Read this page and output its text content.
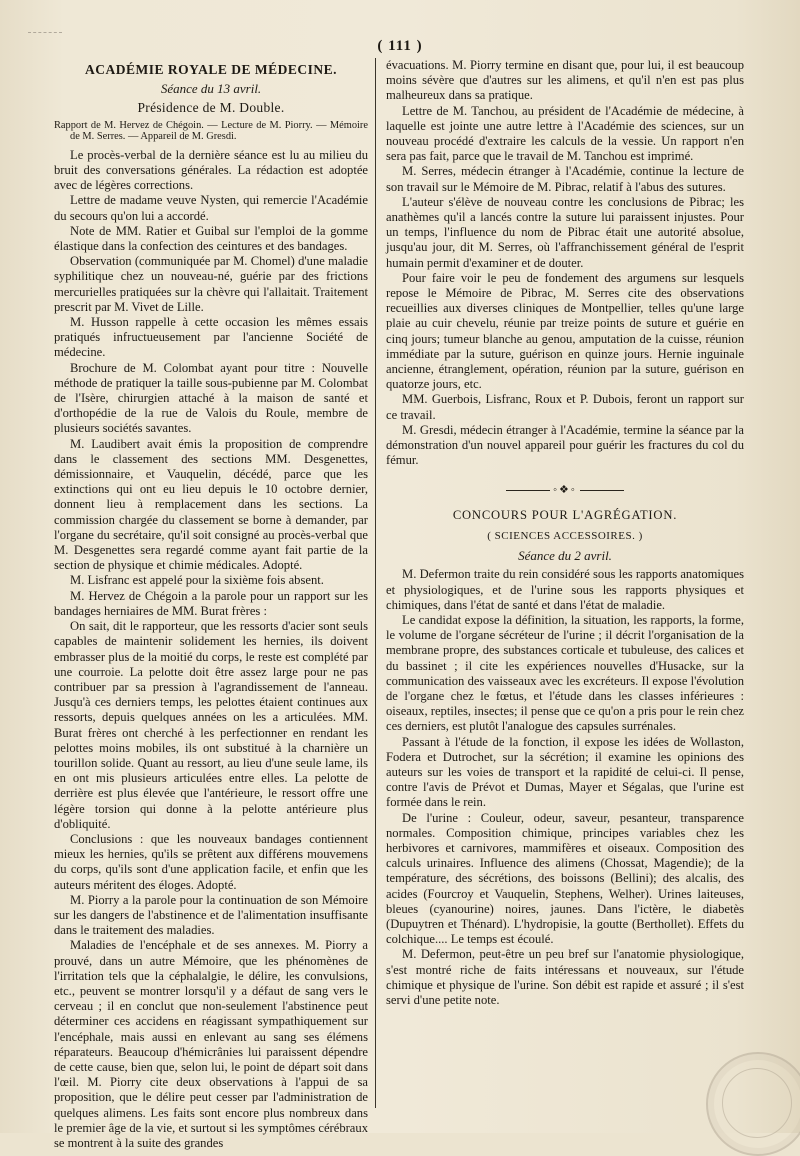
( 111 )
ACADÉMIE ROYALE DE MÉDECINE.
Séance du 13 avril.
Présidence de M. Double.
Rapport de M. Hervez de Chégoin. — Lecture de M. Piorry. — Mémoire de M. Serres. — Appareil de M. Gresdi.

Le procès-verbal de la dernière séance est lu au milieu du bruit des conversations générales. La rédaction est adoptée avec de légères corrections.

Lettre de madame veuve Nysten, qui remercie l'Académie du secours qu'on lui a accordé.

Note de MM. Ratier et Guibal sur l'emploi de la gomme élastique dans la confection des ceintures et des bandages.

Observation (communiquée par M. Chomel) d'une maladie syphilitique chez un nouveau-né, guérie par des frictions mercurielles pratiquées sur la chèvre qui l'allaitait. Traitement prescrit par M. Vivet de Lille.

M. Husson rappelle à cette occasion les mêmes essais pratiqués infructueusement par l'ancienne Société de médecine.

Brochure de M. Colombat ayant pour titre : Nouvelle méthode de pratiquer la taille sous-pubienne par M. Colombat de l'Isère, chirurgien attaché à la maison de santé et d'orthopédie de la rue de Valois du Roule, membre de plusieurs sociétés savantes.

M. Laudibert avait émis la proposition de comprendre dans le classement des sections MM. Desgenettes, démissionnaire, et Vauquelin, décédé, parce que les extinctions qui ont eu lieu depuis le 10 octobre dernier, donnent lieu à remplacement dans les sections. La commission chargée du classement se borne à demander, par l'organe du secrétaire, qu'il soit consigné au procès-verbal que M. Desgenettes sera regardé comme ayant fait partie de la section de physique et chimie médicales. Adopté.

M. Lisfranc est appelé pour la sixième fois absent.

M. Hervez de Chégoin a la parole pour un rapport sur les bandages herniaires de MM. Burat frères :

On sait, dit le rapporteur, que les ressorts d'acier sont seuls capables de maintenir solidement les hernies, ils doivent embrasser plus de la moitié du corps, le reste est complété par une courroie. La pelotte doit être assez large pour ne pas contribuer par sa pression à l'agrandissement de l'anneau. Jusqu'à ces derniers temps, les pelottes étaient continues aux ressorts, depuis quelques années on les a articulées. MM. Burat frères ont cherché à les perfectionner en rendant les pelottes moins mobiles, ils ont substitué à la charnière un tourillon solide. Quant au ressort, au lieu d'une seule lame, ils en ont mis plusieurs articulées entre elles. La pelotte de derrière est plus élevée que l'antérieure, le ressort offre une légère torsion qui donne à la pelotte antérieure plus d'obliquité.

Conclusions : que les nouveaux bandages contiennent mieux les hernies, qu'ils se prêtent aux différens mouvemens du corps, qu'ils sont d'une application facile, et enfin que les auteurs méritent des éloges. Adopté.

M. Piorry a la parole pour la continuation de son Mémoire sur les dangers de l'abstinence et de l'alimentation insuffisante dans le traitement des maladies.

Maladies de l'encéphale et de ses annexes. M. Piorry a prouvé, dans un autre Mémoire, que les phénomènes de l'irritation tels que la céphalalgie, le délire, les convulsions, etc., peuvent se montrer lorsqu'il y a défaut de sang vers le cerveau ; il en conclut que non-seulement l'abstinence peut déterminer ces accidens en réagissant sympathiquement sur l'encéphale, mais aussi en enlevant au sang ses élémens réparateurs. Beaucoup d'hémicrânies lui paraissent dépendre de cette cause, bien que, selon lui, le point de départ soit dans l'œil. M. Piorry cite deux observations à l'appui de sa proposition, que le délire peut cesser par l'administration de quelques alimens. Les faits sont encore plus nombreux dans le premier âge de la vie, et surtout si les symptômes cérébraux se montrent à la suite des grandes

évacuations. M. Piorry termine en disant que, pour lui, il est beaucoup moins sévère que d'autres sur les alimens, et qu'il n'en est pas plus malheureux dans sa pratique.

Lettre de M. Tanchou, au président de l'Académie de médecine, à laquelle est jointe une autre lettre à l'Académie des sciences, sur un nouveau procédé d'extraire les calculs de la vessie. Un rapport n'en sera pas fait, parce que le travail de M. Tanchou est imprimé.

M. Serres, médecin étranger à l'Académie, continue la lecture de son travail sur le Mémoire de M. Pibrac, relatif à l'abus des sutures.

L'auteur s'élève de nouveau contre les conclusions de Pibrac; les anathèmes qu'il a lancés contre la suture lui paraissent injustes. Pour un temps, l'influence du nom de Pibrac était une autorité absolue, jusqu'au jour, dit M. Serres, où l'affranchissement général de l'esprit humain permit d'examiner et de douter.

Pour faire voir le peu de fondement des argumens sur lesquels repose le Mémoire de Pibrac, M. Serres cite des observations recueillies aux diverses cliniques de Montpellier, telles qu'une large plaie au cuir chevelu, réunie par treize points de suture et guérie en cinq jours; tumeur blanche au genou, amputation de la cuisse, réunion immédiate par la suture, guérison en quinze jours. Hernie inguinale ancienne, étranglement, opération, réunion par la suture, guérison en quatorze jours, etc.

MM. Guerbois, Lisfranc, Roux et P. Dubois, feront un rapport sur ce travail.

M. Gresdi, médecin étranger à l'Académie, termine la séance par la démonstration d'un nouvel appareil pour guérir les fractures du col du fémur.

◦❖◦
CONCOURS POUR L'AGRÉGATION.
( SCIENCES ACCESSOIRES. )
Séance du 2 avril.

M. Defermon traite du rein considéré sous les rapports anatomiques et physiologiques, et de l'urine sous les rapports physiques et chimiques, dans l'état de santé et dans l'état de maladie.

Le candidat expose la définition, la situation, les rapports, la forme, le volume de l'organe sécréteur de l'urine ; il décrit l'organisation de la membrane propre, des substances corticale et tubuleuse, des calices et du bassinet ; il cite les expériences nouvelles d'Husacke, sur la communication des vaisseaux avec les excréteurs. Il expose l'évolution de l'organe chez le fœtus, et l'étude dans les classes inférieures : oiseaux, reptiles, insectes; il pense que ce qu'on a pris pour le rein chez ces derniers, est plutôt l'analogue des capsules surrénales.

Passant à l'étude de la fonction, il expose les idées de Wollaston, Fodera et Dutrochet, sur la sécrétion; il examine les opinions des auteurs sur les voies de transport et la rapidité de celui-ci. Il pense, contre l'avis de Prévot et Dumas, Mayer et Ségalas, que l'urine est formée dans le rein.

De l'urine : Couleur, odeur, saveur, pesanteur, transparence normales. Composition chimique, principes variables chez les herbivores et carnivores, mammifères et oiseaux. Composition des calculs urinaires. Influence des alimens (Chossat, Magendie); de la température, des sécrétions, des boissons (Bellini); des alcalis, des acides (Fourcroy et Vauquelin, Stephens, Welher). Urines laiteuses, bleues (cyanourine) noires, jaunes. Dans l'ictère, le diabetès (Dupuytren et Thénard). L'hydropisie, la goutte (Berthollet). Effets du colchique.... Le temps est écoulé.

M. Defermon, peut-être un peu bref sur l'anatomie physiologique, s'est montré riche de faits intéressans et nouveaux, sur l'étude chimique et physique de l'urine. Son débit est rapide et assuré ; il s'est servi d'une petite note.
